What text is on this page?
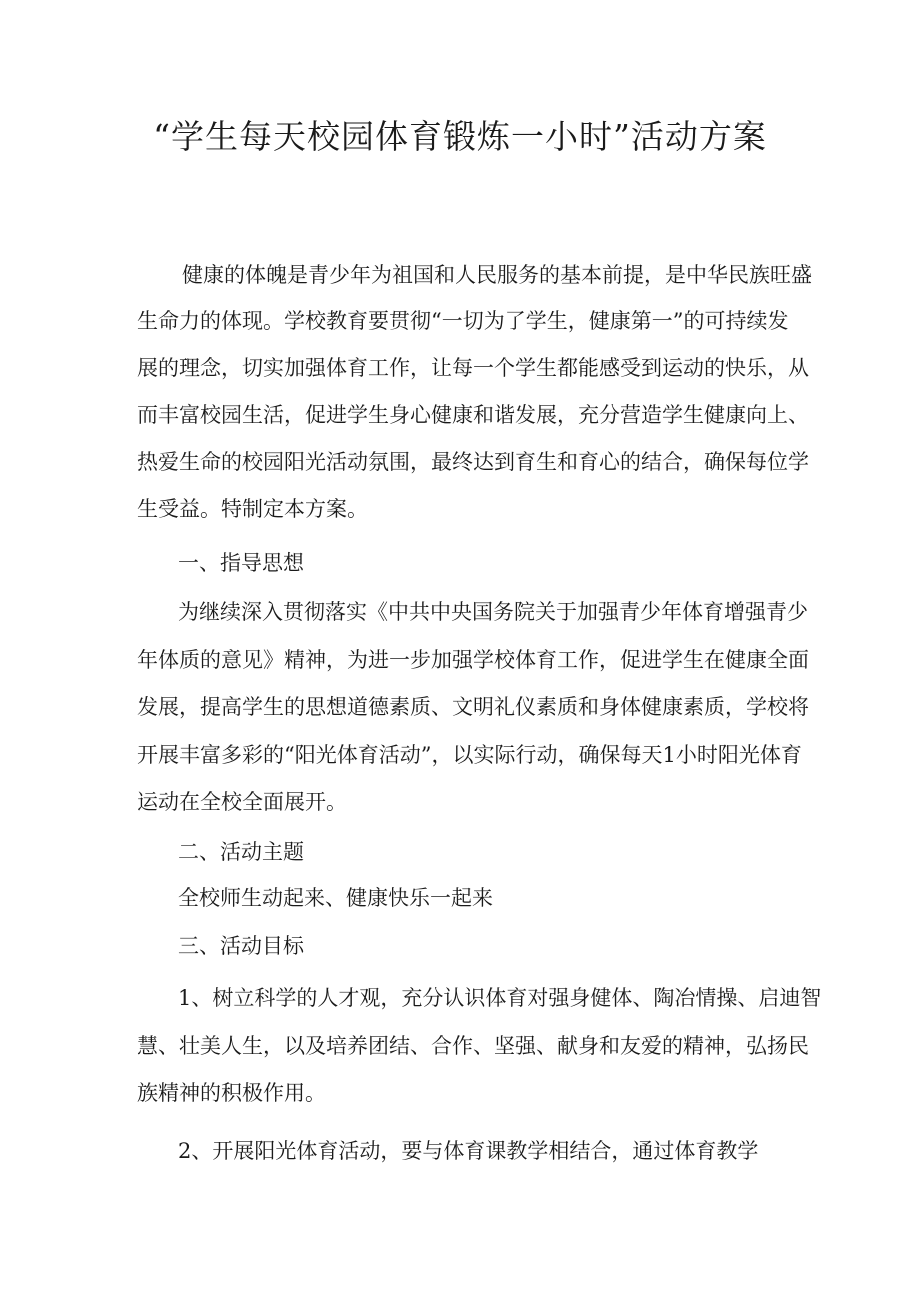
“学生每天校园体育锻炼一小时”活动方案

健康的体魄是青少年为祖国和人民服务的基本前提，是中华民族旺盛

生命力的体现。学校教育要贯彻“一切为了学生，健康第一”的可持续发

展的理念，切实加强体育工作，让每一个学生都能感受到运动的快乐，从

而丰富校园生活，促进学生身心健康和谐发展，充分营造学生健康向上、

热爱生命的校园阳光活动氛围，最终达到育生和育心的结合，确保每位学

生受益。特制定本方案。

一、指导思想

为继续深入贯彻落实《中共中央国务院关于加强青少年体育增强青少

年体质的意见》精神，为进一步加强学校体育工作，促进学生在健康全面

发展，提高学生的思想道德素质、文明礼仪素质和身体健康素质，学校将

开展丰富多彩的“阳光体育活动”，以实际行动，确保每天1小时阳光体育

运动在全校全面展开。

二、活动主题

全校师生动起来、健康快乐一起来

三、活动目标

1、树立科学的人才观，充分认识体育对强身健体、陶冶情操、启迪智

慧、壮美人生，以及培养团结、合作、坚强、献身和友爱的精神，弘扬民

族精神的积极作用。

2、开展阳光体育活动，要与体育课教学相结合，通过体育教学
